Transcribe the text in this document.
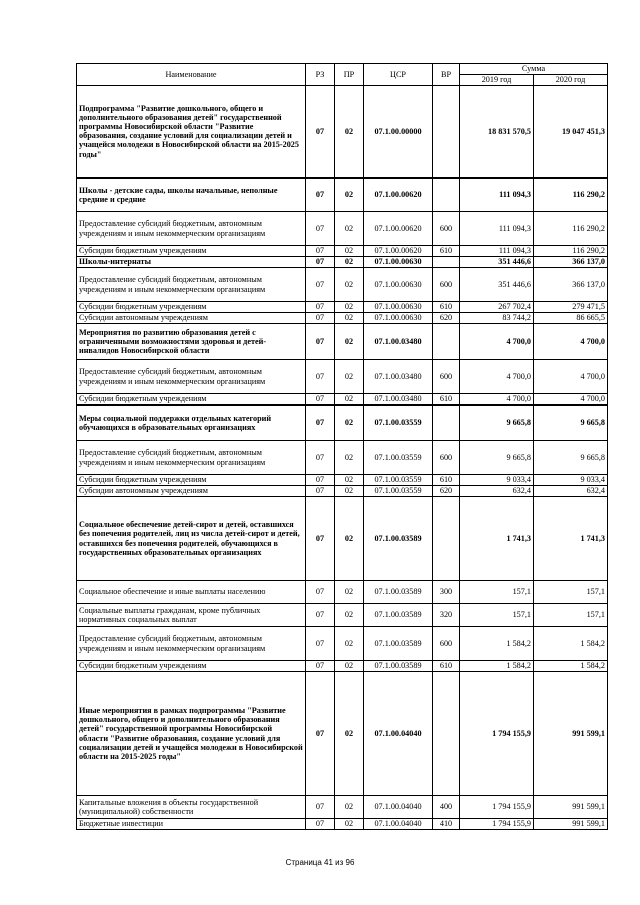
Наименование	РЗ	ПР	ЦСР	ВР	Сумма	
					2019 год	2020 год
Подпрограмма "Развитие дошкольного, общего и дополнительного образования детей" государственной программы Новосибирской области "Развитие образования, создание условий для социализации детей и учащейся молодежи в Новосибирской области на 2015-2025 годы"	07	02	07.1.00.00000		18 831 570,5	19 047 451,3
Школы - детские сады, школы начальные, неполные средние и средние	07	02	07.1.00.00620		111 094,3	116 290,2
Предоставление субсидий бюджетным, автономным учреждениям и иным некоммерческим организациям	07	02	07.1.00.00620	600	111 094,3	116 290,2
Субсидии бюджетным учреждениям	07	02	07.1.00.00620	610	111 094,3	116 290,2
Школы-интернаты	07	02	07.1.00.00630		351 446,6	366 137,0
Предоставление субсидий бюджетным, автономным учреждениям и иным некоммерческим организациям	07	02	07.1.00.00630	600	351 446,6	366 137,0
Субсидии бюджетным учреждениям	07	02	07.1.00.00630	610	267 702,4	279 471,5
Субсидии автономным учреждениям	07	02	07.1.00.00630	620	83 744,2	86 665,5
Мероприятия по развитию образования детей с ограниченными возможностями здоровья и детей-инвалидов Новосибирской области	07	02	07.1.00.03480		4 700,0	4 700,0
Предоставление субсидий бюджетным, автономным учреждениям и иным некоммерческим организациям	07	02	07.1.00.03480	600	4 700,0	4 700,0
Субсидии бюджетным учреждениям	07	02	07.1.00.03480	610	4 700,0	4 700,0
Меры социальной поддержки отдельных категорий обучающихся в образовательных организациях	07	02	07.1.00.03559		9 665,8	9 665,8
Предоставление субсидий бюджетным, автономным учреждениям и иным некоммерческим организациям	07	02	07.1.00.03559	600	9 665,8	9 665,8
Субсидии бюджетным учреждениям	07	02	07.1.00.03559	610	9 033,4	9 033,4
Субсидии автономным учреждениям	07	02	07.1.00.03559	620	632,4	632,4
Социальное обеспечение детей-сирот и детей, оставшихся без попечения родителей, лиц из числа детей-сирот и детей, оставшихся без попечения родителей, обучающихся в государственных образовательных организациях	07	02	07.1.00.03589		1 741,3	1 741,3
Социальное обеспечение и иные выплаты населению	07	02	07.1.00.03589	300	157,1	157,1
Социальные выплаты гражданам, кроме публичных нормативных социальных выплат	07	02	07.1.00.03589	320	157,1	157,1
Предоставление субсидий бюджетным, автономным учреждениям и иным некоммерческим организациям	07	02	07.1.00.03589	600	1 584,2	1 584,2
Субсидии бюджетным учреждениям	07	02	07.1.00.03589	610	1 584,2	1 584,2
Иные мероприятия в рамках подпрограммы "Развитие дошкольного, общего и дополнительного образования детей" государственной программы Новосибирской области "Развитие образования, создание условий для социализации детей и учащейся молодежи в Новосибирской области на 2015-2025 годы"	07	02	07.1.00.04040		1 794 155,9	991 599,1
Капитальные вложения в объекты государственной (муниципальной) собственности	07	02	07.1.00.04040	400	1 794 155,9	991 599,1
Бюджетные инвестиции	07	02	07.1.00.04040	410	1 794 155,9	991 599,1
Страница 41 из 96
